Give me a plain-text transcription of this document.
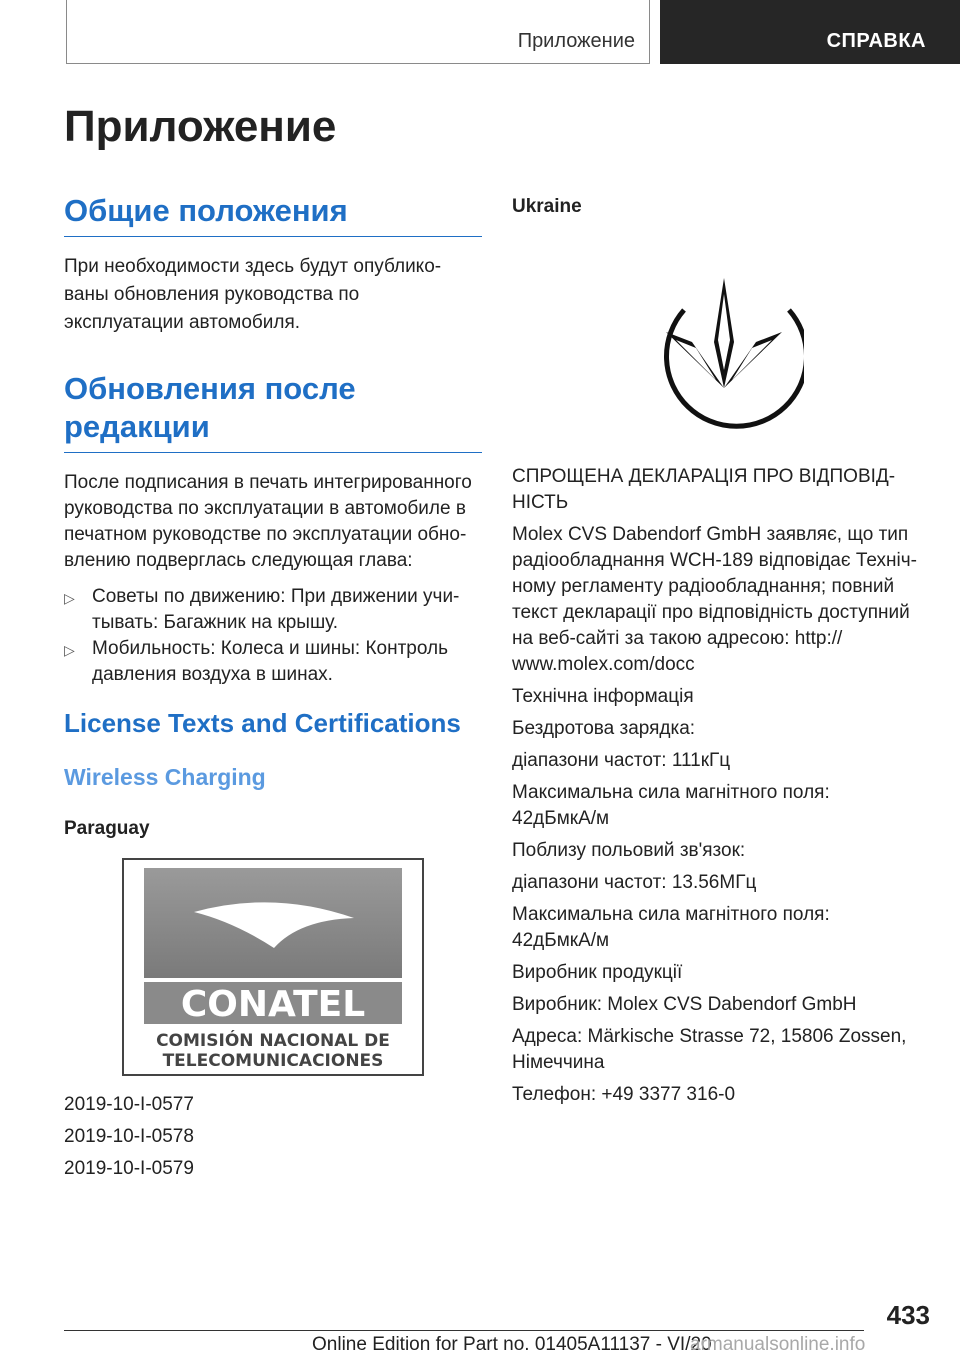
Приложение	СПРАВКА
Приложение
Общие положения

При необходимости здесь будут опублико-

ваны обновления руководства по

эксплуатации автомобиля.

Обновления после
редакции

После подписания в печать интегрированного

руководства по эксплуатации в автомобиле в

печатном руководстве по эксплуатации обно-

влению подверглась следующая глава:

▷ Советы по движению: При движении учи-

тывать: Багажник на крышу.

▷ Мобильность: Колеса и шины: Контроль

давления воздуха в шинах.

License Texts and Certifications
Wireless Charging
Paraguay

2019-10-I-0577

2019-10-I-0578

2019-10-I-0579

CONATEL
COMISIÓN NACIONAL DE
TELECOMUNICACIONES
Ukraine
СПРОЩЕНА ДЕКЛАРАЦІЯ ПРО ВІДПОВІД-
НІСТЬ
Molex CVS Dabendorf GmbH заявляє, що тип
радіообладнання WCH-189 відповідає Техніч-
ному регламенту радіообладнання; повний
текст декларації про відповідність доступний
на веб-сайті за такою адресою: http://
www.molex.com/docc
Технічна інформація
Бездротова зарядка:
діапазони частот: 111кГц
Максимальна сила магнітного поля:
42дБмкА/м
Поблизу польовий зв'язок:
діапазони частот: 13.56МГц
Максимальна сила магнітного поля:
42дБмкА/м
Виробник продукції
Виробник: Molex CVS Dabendorf GmbH
Адреса: Märkische Strasse 72, 15806 Zossen,
Німеччина
Телефон: +49 3377 316-0
433
Online Edition for Part no. 01405A11137 - VI/20
armanualsonline.info
